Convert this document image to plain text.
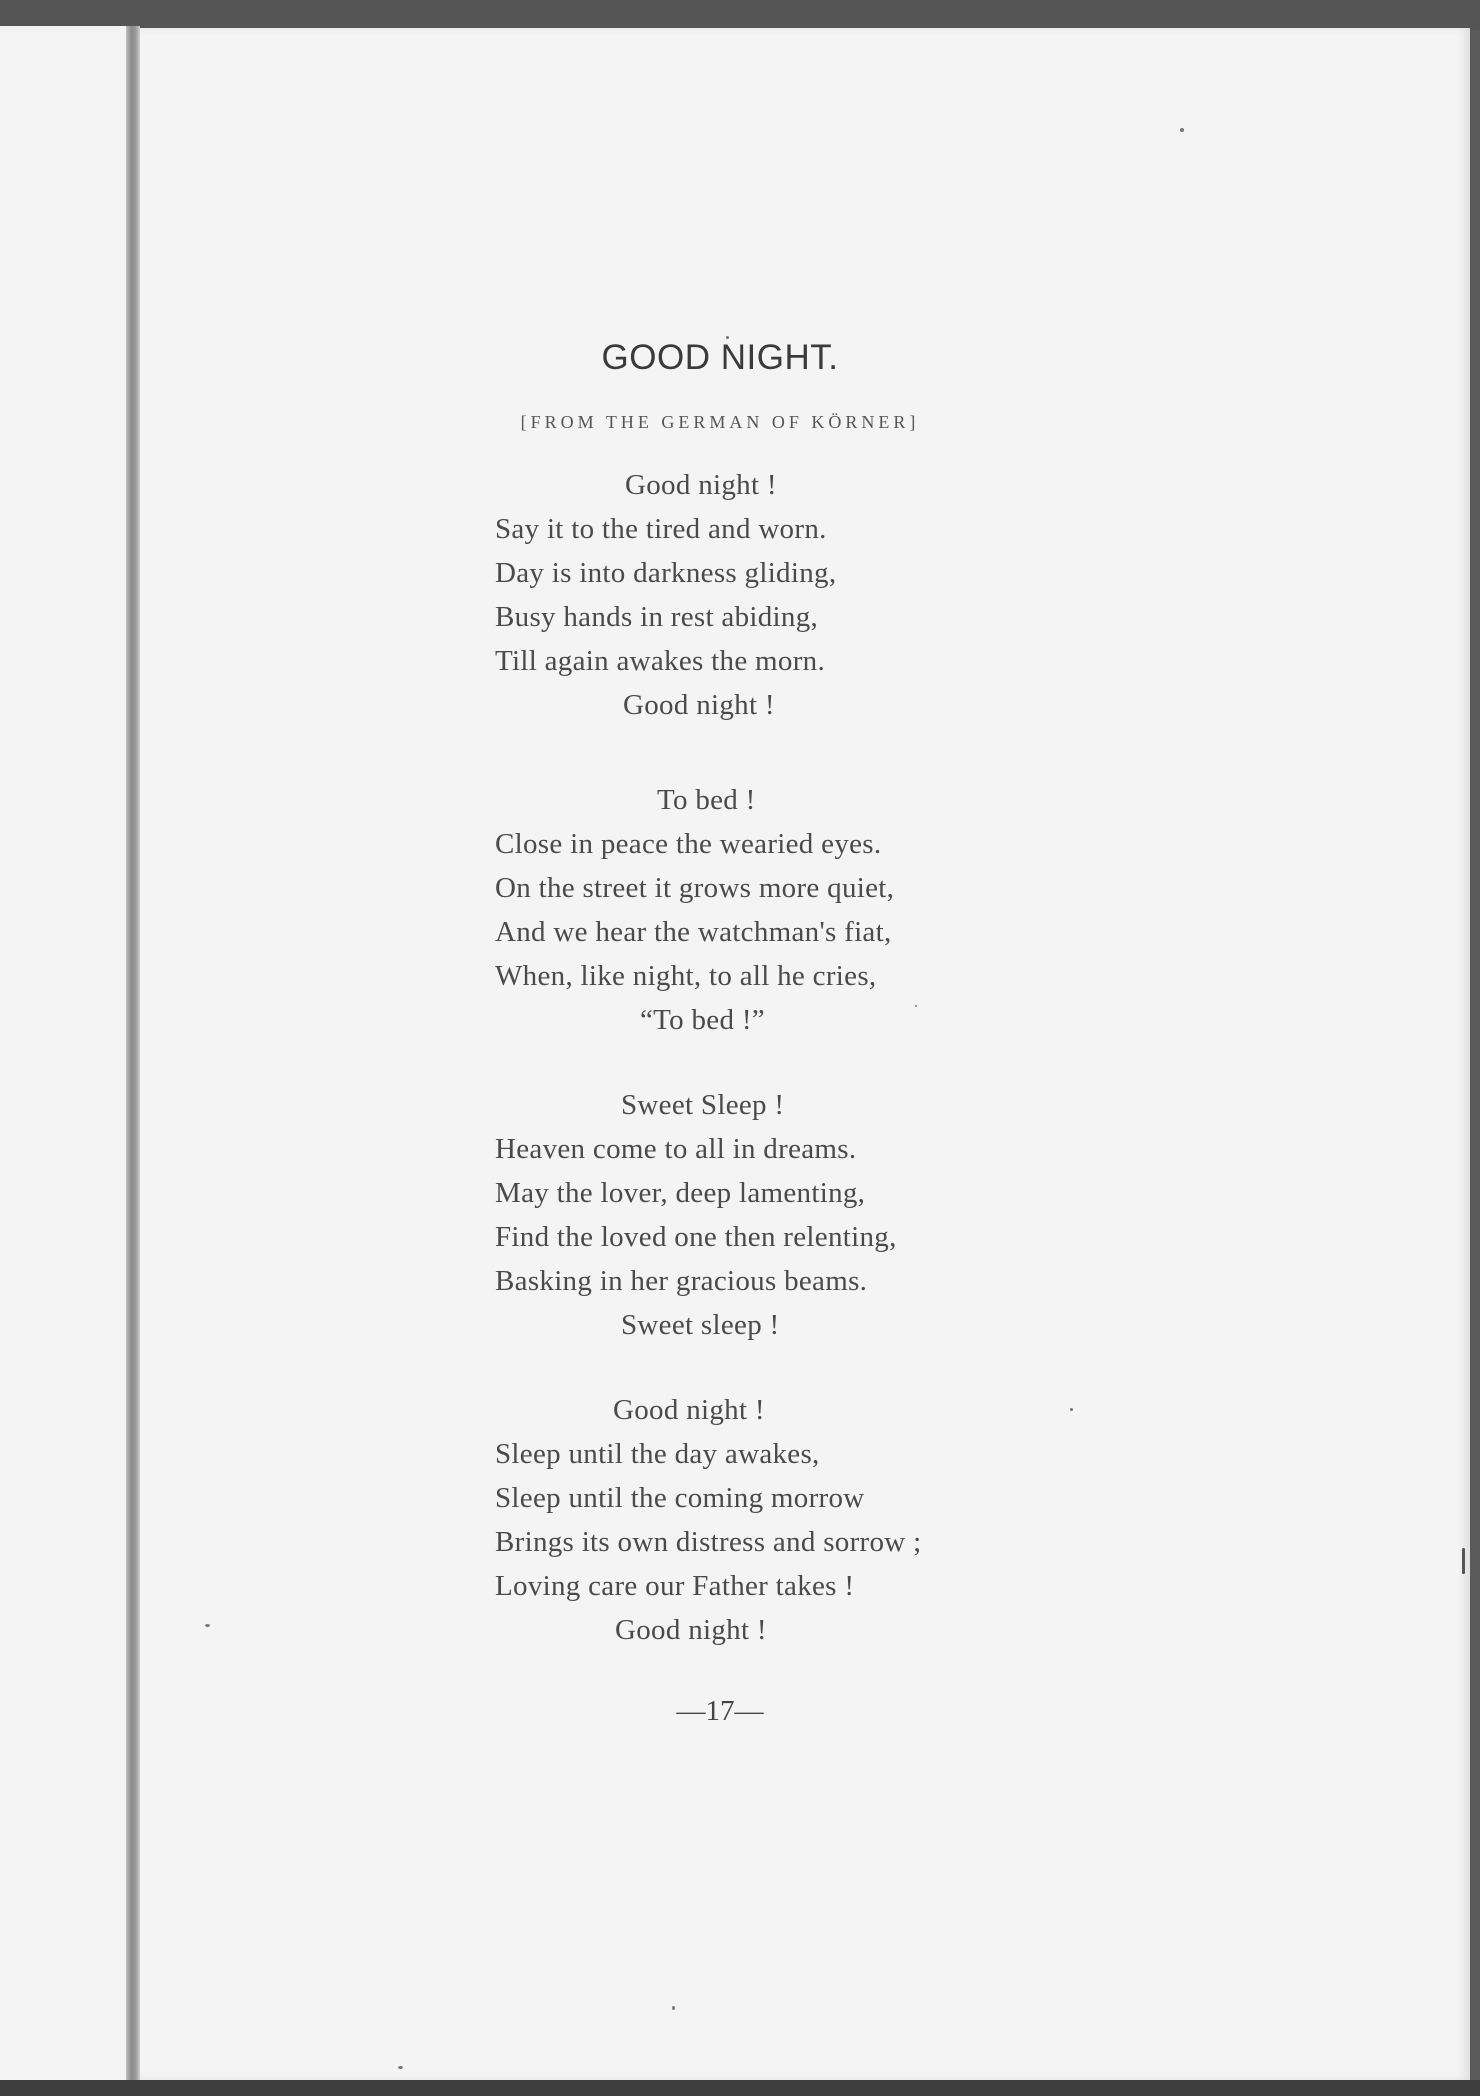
GOOD NIGHT.

[FROM THE GERMAN OF KÖRNER]

Good night !
Say it to the tired and worn.
Day is into darkness gliding,
Busy hands in rest abiding,
Till again awakes the morn.
Good night !
To bed !
Close in peace the wearied eyes.
On the street it grows more quiet,
And we hear the watchman's fiat,
When, like night, to all he cries,
“To bed !”
Sweet Sleep !
Heaven come to all in dreams.
May the lover, deep lamenting,
Find the loved one then relenting,
Basking in her gracious beams.
Sweet sleep !
Good night !
Sleep until the day awakes,
Sleep until the coming morrow
Brings its own distress and sorrow ;
Loving care our Father takes !
Good night !

—17—
